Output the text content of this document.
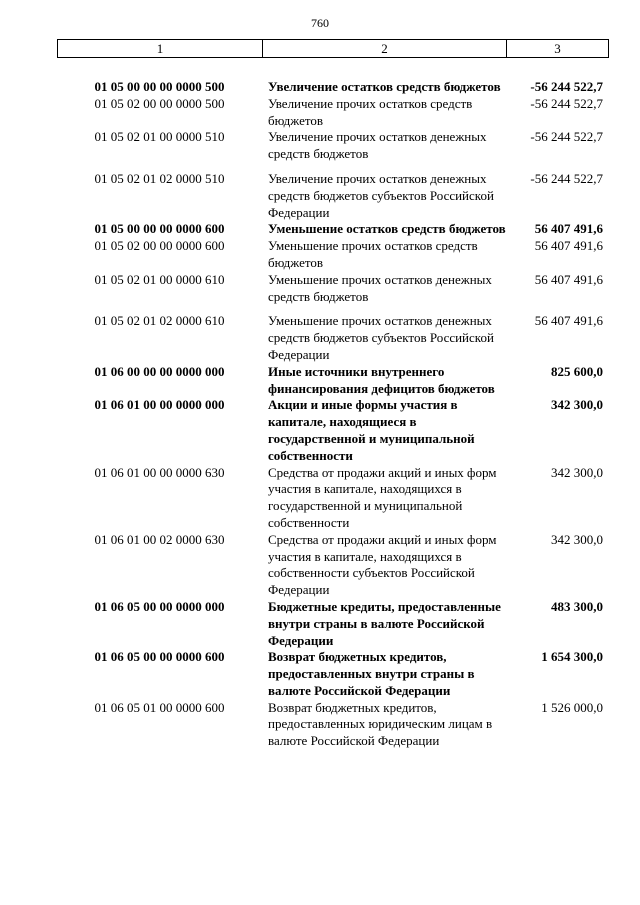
760
1	2	3
01 05 00 00 00 0000 500	Увеличение остатков средств бюджетов	-56 244 522,7
01 05 02 00 00 0000 500	Увеличение прочих остатков средств бюджетов	-56 244 522,7
01 05 02 01 00 0000 510	Увеличение прочих остатков денежных средств бюджетов	-56 244 522,7
01 05 02 01 02 0000 510	Увеличение прочих остатков денежных средств бюджетов субъектов Российской Федерации	-56 244 522,7
01 05 00 00 00 0000 600	Уменьшение остатков средств бюджетов	56 407 491,6
01 05 02 00 00 0000 600	Уменьшение прочих остатков средств бюджетов	56 407 491,6
01 05 02 01 00 0000 610	Уменьшение прочих остатков денежных средств бюджетов	56 407 491,6
01 05 02 01 02 0000 610	Уменьшение прочих остатков денежных средств бюджетов субъектов Российской Федерации	56 407 491,6
01 06 00 00 00 0000 000	Иные источники внутреннего финансирования дефицитов бюджетов	825 600,0
01 06 01 00 00 0000 000	Акции и иные формы участия в капитале, находящиеся в государственной и муниципальной собственности	342 300,0
01 06 01 00 00 0000 630	Средства от продажи акций и иных форм участия в капитале, находящихся в государственной и муниципальной собственности	342 300,0
01 06 01 00 02 0000 630	Средства от продажи акций и иных форм участия в капитале, находящихся в собственности субъектов Российской Федерации	342 300,0
01 06 05 00 00 0000 000	Бюджетные кредиты, предоставленные внутри страны в валюте Российской Федерации	483 300,0
01 06 05 00 00 0000 600	Возврат бюджетных кредитов, предоставленных внутри страны в валюте Российской Федерации	1 654 300,0
01 06 05 01 00 0000 600	Возврат бюджетных кредитов, предоставленных юридическим лицам в валюте Российской Федерации	1 526 000,0
